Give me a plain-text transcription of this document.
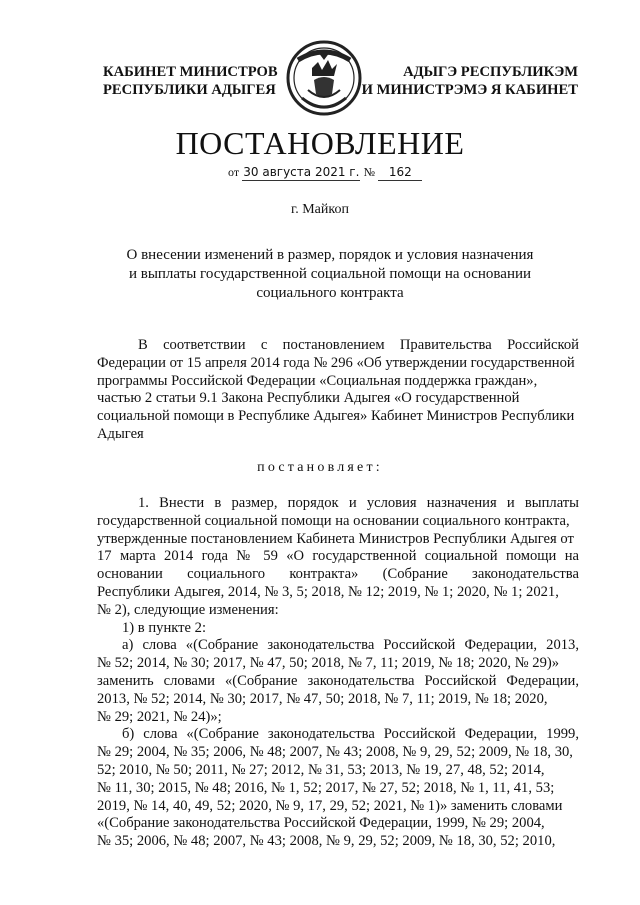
КАБИНЕТ МИНИСТРОВ
РЕСПУБЛИКИ АДЫГЕЯ
АДЫГЭ РЕСПУБЛИКЭМ
И МИНИСТРЭМЭ Я КАБИНЕТ
ПОСТАНОВЛЕНИЕ
от 30 августа 2021 г. № 162
г. Майкоп
О внесении изменений в размер, порядок и условия назначения
и выплаты государственной социальной помощи на основании
социального контракта
В соответствии с постановлением Правительства Российской
Федерации от 15 апреля 2014 года № 296 «Об утверждении государственной
программы Российской Федерации «Социальная поддержка граждан»,
частью 2 статьи 9.1 Закона Республики Адыгея «О государственной
социальной помощи в Республике Адыгея» Кабинет Министров Республики
Адыгея
постановляет:
1. Внести в размер, порядок и условия назначения и выплаты
государственной социальной помощи на основании социального контракта,
утвержденные постановлением Кабинета Министров Республики Адыгея от
17 марта 2014 года № 59 «О государственной социальной помощи на
основании социального контракта» (Собрание законодательства
Республики Адыгея, 2014, № 3, 5; 2018, № 12; 2019, № 1; 2020, № 1; 2021,
№ 2), следующие изменения:
1) в пункте 2:
а) слова «(Собрание законодательства Российской Федерации, 2013,
№ 52; 2014, № 30; 2017, № 47, 50; 2018, № 7, 11; 2019, № 18; 2020, № 29)»
заменить словами «(Собрание законодательства Российской Федерации,
2013, № 52; 2014, № 30; 2017, № 47, 50; 2018, № 7, 11; 2019, № 18; 2020,
№ 29; 2021, № 24)»;
б) слова «(Собрание законодательства Российской Федерации, 1999,
№ 29; 2004, № 35; 2006, № 48; 2007, № 43; 2008, № 9, 29, 52; 2009, № 18, 30,
52; 2010, № 50; 2011, № 27; 2012, № 31, 53; 2013, № 19, 27, 48, 52; 2014,
№ 11, 30; 2015, № 48; 2016, № 1, 52; 2017, № 27, 52; 2018, № 1, 11, 41, 53;
2019, № 14, 40, 49, 52; 2020, № 9, 17, 29, 52; 2021, № 1)» заменить словами
«(Собрание законодательства Российской Федерации, 1999, № 29; 2004,
№ 35; 2006, № 48; 2007, № 43; 2008, № 9, 29, 52; 2009, № 18, 30, 52; 2010,
